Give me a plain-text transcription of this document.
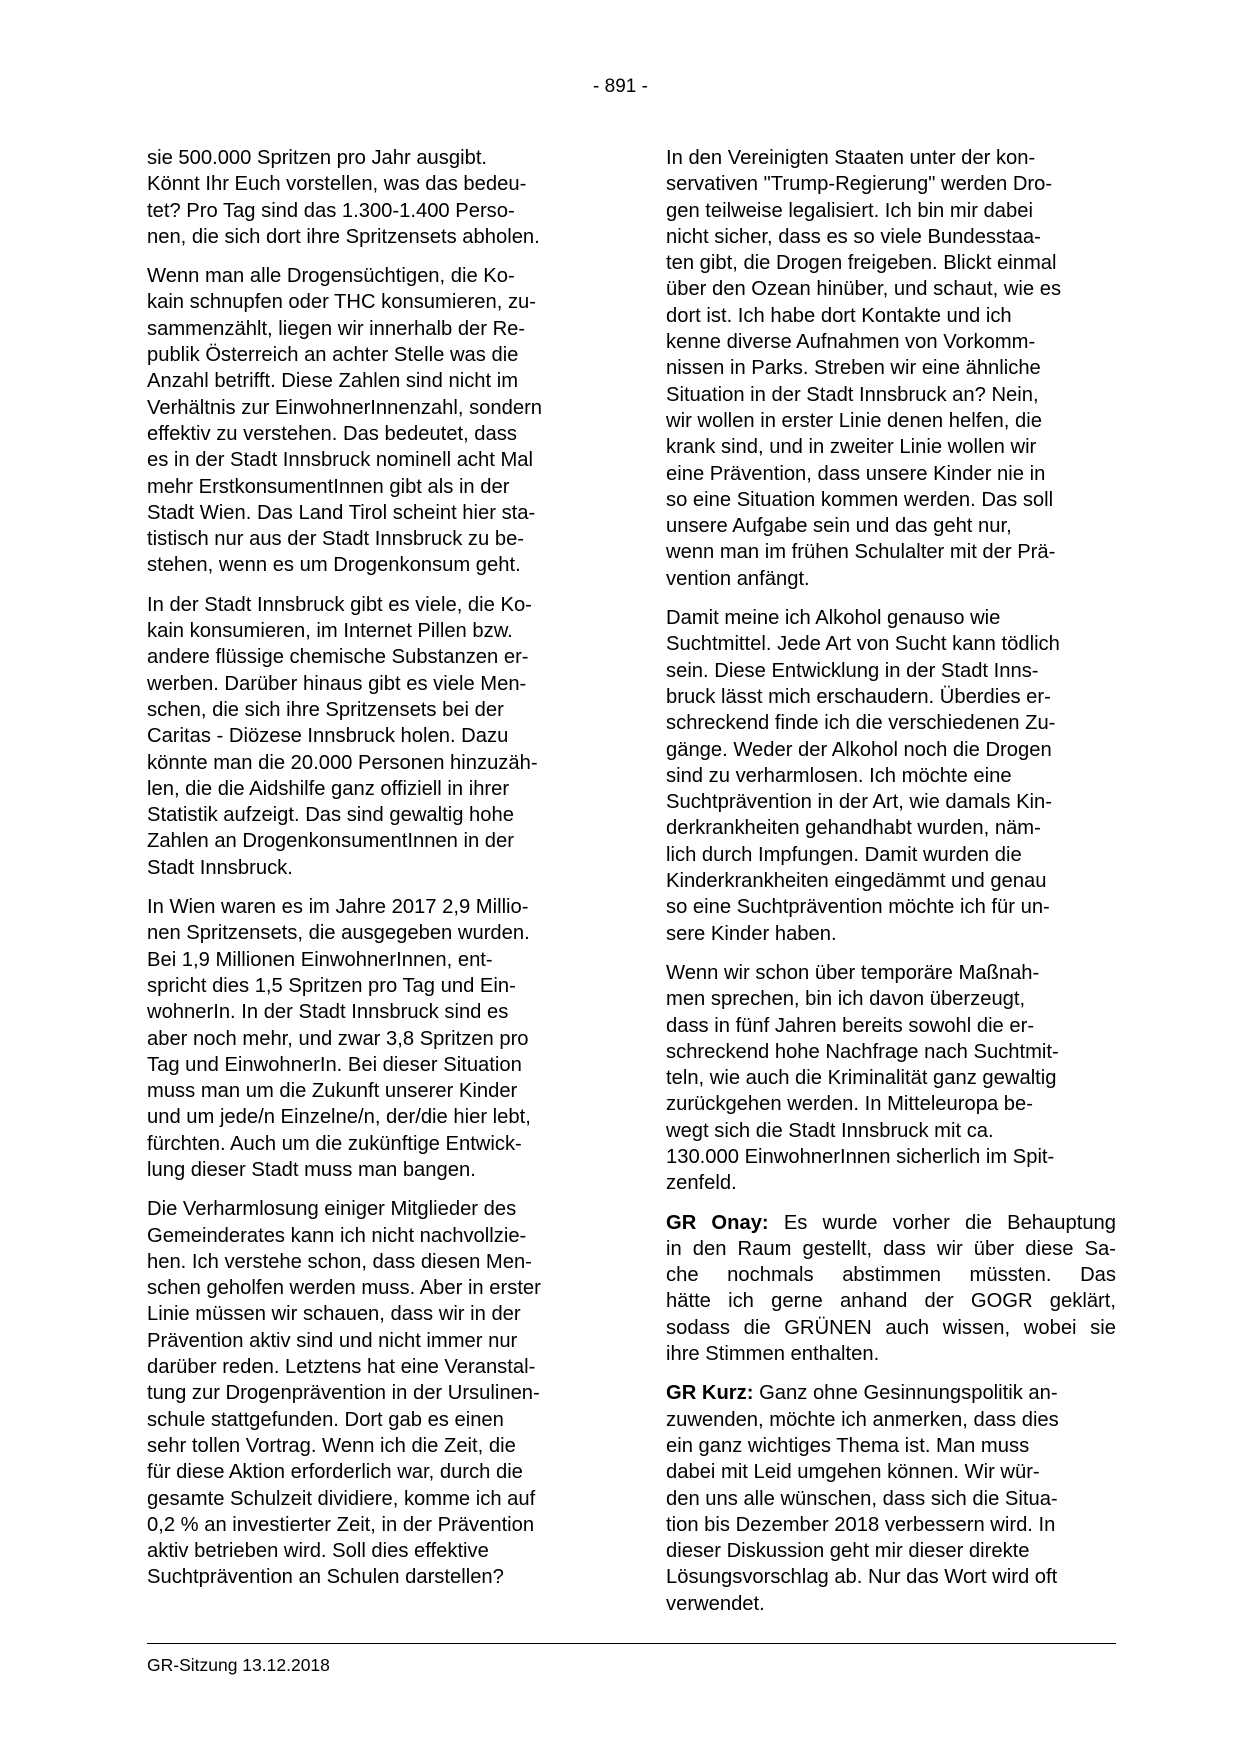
- 891 -

sie 500.000 Spritzen pro Jahr ausgibt.
Könnt Ihr Euch vorstellen, was das bedeu-
tet? Pro Tag sind das 1.300-1.400 Perso-
nen, die sich dort ihre Spritzensets abholen.

Wenn man alle Drogensüchtigen, die Ko-
kain schnupfen oder THC konsumieren, zu-
sammenzählt, liegen wir innerhalb der Re-
publik Österreich an achter Stelle was die
Anzahl betrifft. Diese Zahlen sind nicht im
Verhältnis zur EinwohnerInnenzahl, sondern
effektiv zu verstehen. Das bedeutet, dass
es in der Stadt Innsbruck nominell acht Mal
mehr ErstkonsumentInnen gibt als in der
Stadt Wien. Das Land Tirol scheint hier sta-
tistisch nur aus der Stadt Innsbruck zu be-
stehen, wenn es um Drogenkonsum geht.

In der Stadt Innsbruck gibt es viele, die Ko-
kain konsumieren, im Internet Pillen bzw.
andere flüssige chemische Substanzen er-
werben. Darüber hinaus gibt es viele Men-
schen, die sich ihre Spritzensets bei der
Caritas - Diözese Innsbruck holen. Dazu
könnte man die 20.000 Personen hinzuzäh-
len, die die Aidshilfe ganz offiziell in ihrer
Statistik aufzeigt. Das sind gewaltig hohe
Zahlen an DrogenkonsumentInnen in der
Stadt Innsbruck.

In Wien waren es im Jahre 2017 2,9 Millio-
nen Spritzensets, die ausgegeben wurden.
Bei 1,9 Millionen EinwohnerInnen, ent-
spricht dies 1,5 Spritzen pro Tag und Ein-
wohnerIn. In der Stadt Innsbruck sind es
aber noch mehr, und zwar 3,8 Spritzen pro
Tag und EinwohnerIn. Bei dieser Situation
muss man um die Zukunft unserer Kinder
und um jede/n Einzelne/n, der/die hier lebt,
fürchten. Auch um die zukünftige Entwick-
lung dieser Stadt muss man bangen.

Die Verharmlosung einiger Mitglieder des
Gemeinderates kann ich nicht nachvollzie-
hen. Ich verstehe schon, dass diesen Men-
schen geholfen werden muss. Aber in erster
Linie müssen wir schauen, dass wir in der
Prävention aktiv sind und nicht immer nur
darüber reden. Letztens hat eine Veranstal-
tung zur Drogenprävention in der Ursulinen-
schule stattgefunden. Dort gab es einen
sehr tollen Vortrag. Wenn ich die Zeit, die
für diese Aktion erforderlich war, durch die
gesamte Schulzeit dividiere, komme ich auf
0,2 % an investierter Zeit, in der Prävention
aktiv betrieben wird. Soll dies effektive
Suchtprävention an Schulen darstellen?

In den Vereinigten Staaten unter der kon-
servativen "Trump-Regierung" werden Dro-
gen teilweise legalisiert. Ich bin mir dabei
nicht sicher, dass es so viele Bundesstaa-
ten gibt, die Drogen freigeben. Blickt einmal
über den Ozean hinüber, und schaut, wie es
dort ist. Ich habe dort Kontakte und ich
kenne diverse Aufnahmen von Vorkomm-
nissen in Parks. Streben wir eine ähnliche
Situation in der Stadt Innsbruck an? Nein,
wir wollen in erster Linie denen helfen, die
krank sind, und in zweiter Linie wollen wir
eine Prävention, dass unsere Kinder nie in
so eine Situation kommen werden. Das soll
unsere Aufgabe sein und das geht nur,
wenn man im frühen Schulalter mit der Prä-
vention anfängt.

Damit meine ich Alkohol genauso wie
Suchtmittel. Jede Art von Sucht kann tödlich
sein. Diese Entwicklung in der Stadt Inns-
bruck lässt mich erschaudern. Überdies er-
schreckend finde ich die verschiedenen Zu-
gänge. Weder der Alkohol noch die Drogen
sind zu verharmlosen. Ich möchte eine
Suchtprävention in der Art, wie damals Kin-
derkrankheiten gehandhabt wurden, näm-
lich durch Impfungen. Damit wurden die
Kinderkrankheiten eingedämmt und genau
so eine Suchtprävention möchte ich für un-
sere Kinder haben.

Wenn wir schon über temporäre Maßnah-
men sprechen, bin ich davon überzeugt,
dass in fünf Jahren bereits sowohl die er-
schreckend hohe Nachfrage nach Suchtmit-
teln, wie auch die Kriminalität ganz gewaltig
zurückgehen werden. In Mitteleuropa be-
wegt sich die Stadt Innsbruck mit ca.
130.000 EinwohnerInnen sicherlich im Spit-
zenfeld.

GR Onay: Es wurde vorher die Behauptung
in den Raum gestellt, dass wir über diese Sa-
che nochmals abstimmen müssten. Das
hätte ich gerne anhand der GOGR geklärt,
sodass die GRÜNEN auch wissen, wobei sie
ihre Stimmen enthalten.

GR Kurz: Ganz ohne Gesinnungspolitik an-
zuwenden, möchte ich anmerken, dass dies
ein ganz wichtiges Thema ist. Man muss
dabei mit Leid umgehen können. Wir wür-
den uns alle wünschen, dass sich die Situa-
tion bis Dezember 2018 verbessern wird. In
dieser Diskussion geht mir dieser direkte
Lösungsvorschlag ab. Nur das Wort wird oft
verwendet.

GR-Sitzung 13.12.2018
